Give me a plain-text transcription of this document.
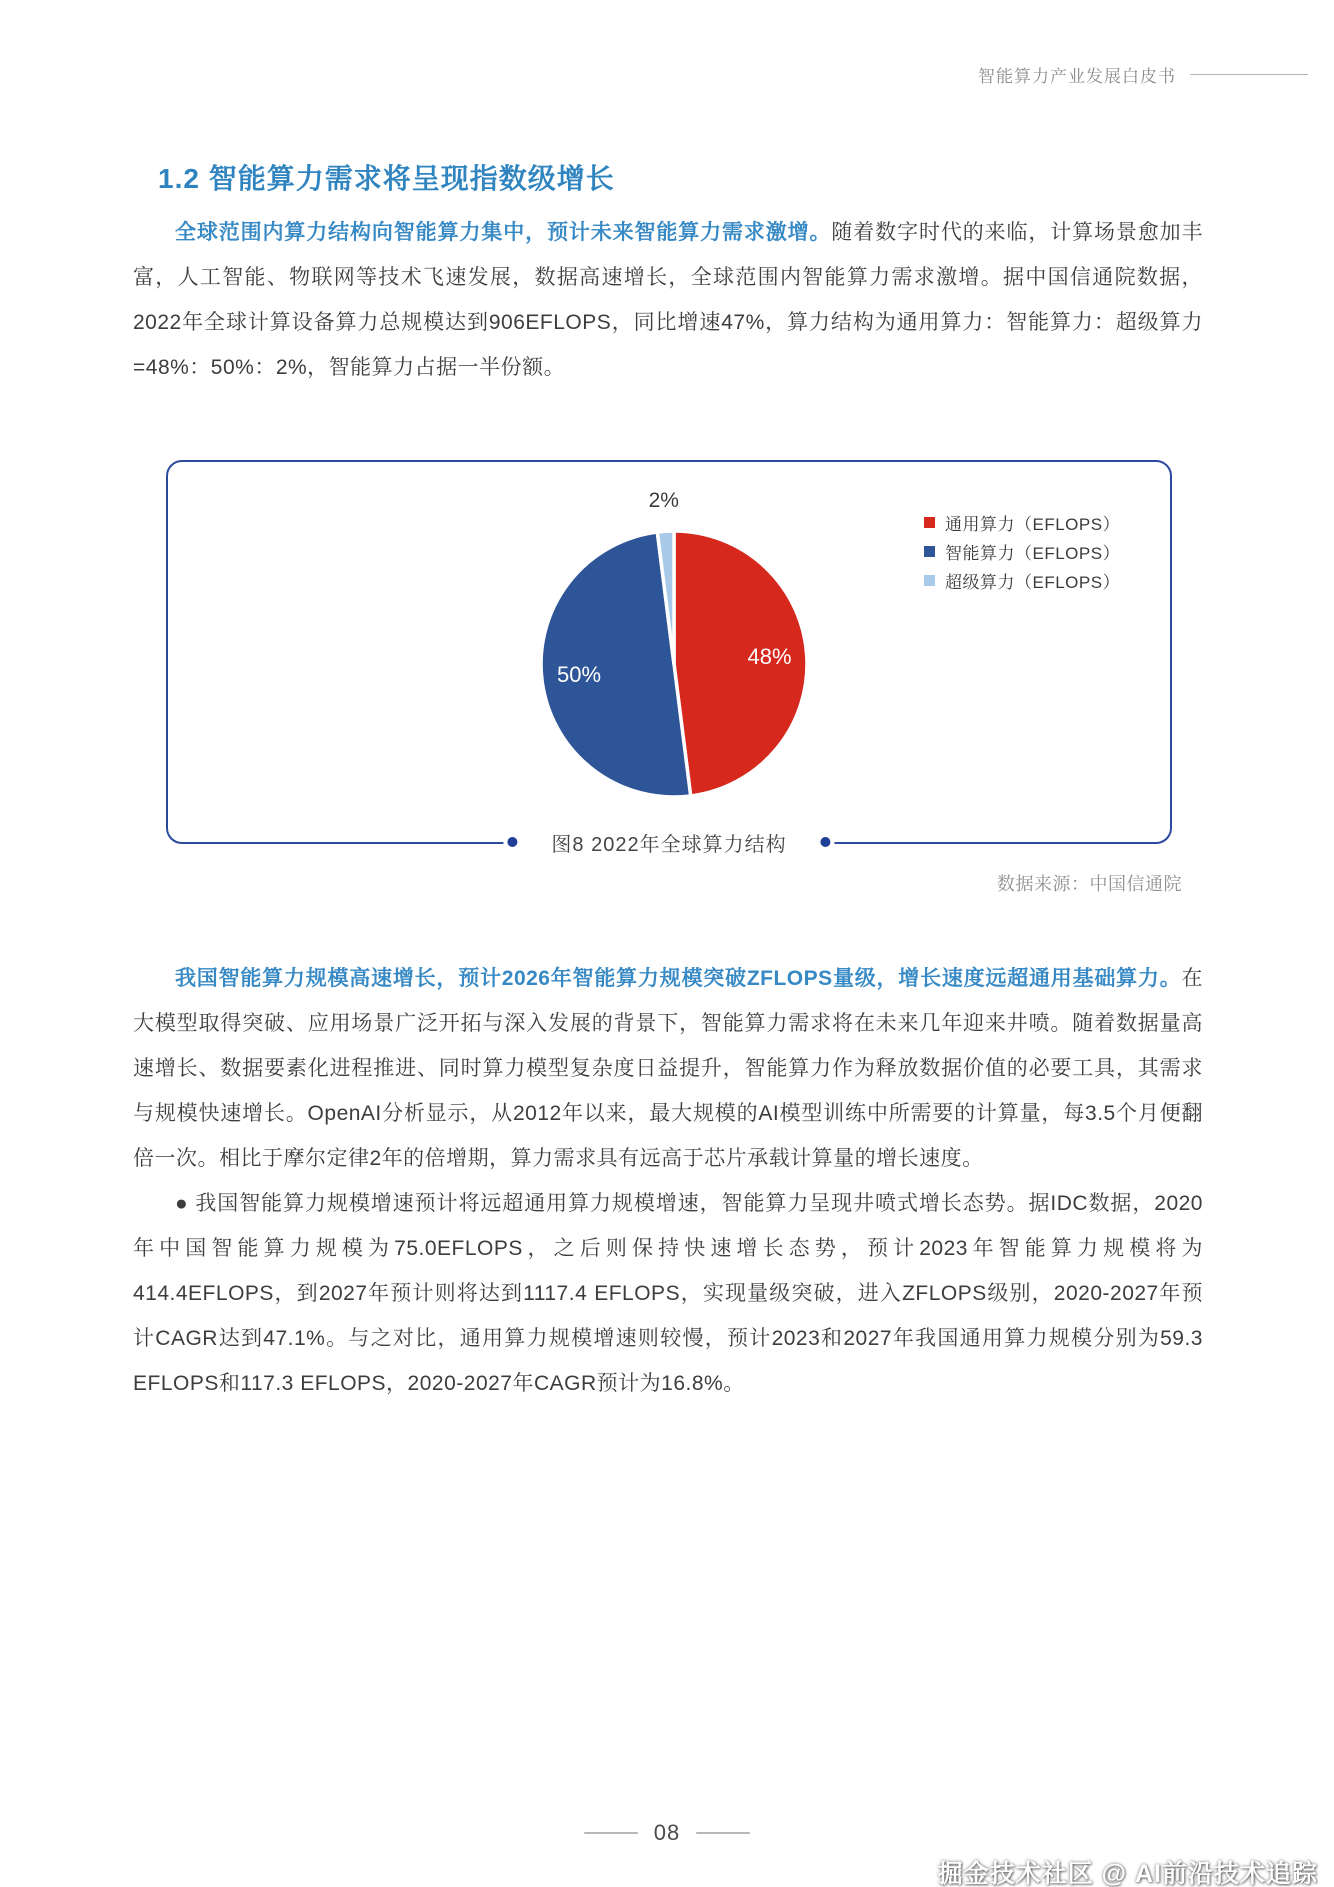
智能算力产业发展白皮书
1.2 智能算力需求将呈现指数级增长

全球范围内算力结构向智能算力集中，预计未来智能算力需求激增。随着数字时代的来临，计算场景愈加丰富，人工智能、物联网等技术飞速发展，数据高速增长，全球范围内智能算力需求激增。据中国信通院数据，2022年全球计算设备算力总规模达到906EFLOPS，同比增速47%，算力结构为通用算力：智能算力：超级算力=48%：50%：2%，智能算力占据一半份额。

48%
50%
2%
通用算力（EFLOPS）
智能算力（EFLOPS）
超级算力（EFLOPS）
图8 2022年全球算力结构
数据来源：中国信通院

我国智能算力规模高速增长，预计2026年智能算力规模突破ZFLOPS量级，增长速度远超通用基础算力。在大模型取得突破、应用场景广泛开拓与深入发展的背景下，智能算力需求将在未来几年迎来井喷。随着数据量高速增长、数据要素化进程推进、同时算力模型复杂度日益提升，智能算力作为释放数据价值的必要工具，其需求与规模快速增长。OpenAI分析显示，从2012年以来，最大规模的AI模型训练中所需要的计算量，每3.5个月便翻倍一次。相比于摩尔定律2年的倍增期，算力需求具有远高于芯片承载计算量的增长速度。

● 我国智能算力规模增速预计将远超通用算力规模增速，智能算力呈现井喷式增长态势。据IDC数据，2020年中国智能算力规模为75.0EFLOPS，之后则保持快速增长态势，预计2023年智能算力规模将为414.4EFLOPS，到2027年预计则将达到1117.4 EFLOPS，实现量级突破，进入ZFLOPS级别，2020-2027年预计CAGR达到47.1%。与之对比，通用算力规模增速则较慢，预计2023和2027年我国通用算力规模分别为59.3 EFLOPS和117.3 EFLOPS，2020-2027年CAGR预计为16.8%。

08
掘金技术社区 @ AI前沿技术追踪
